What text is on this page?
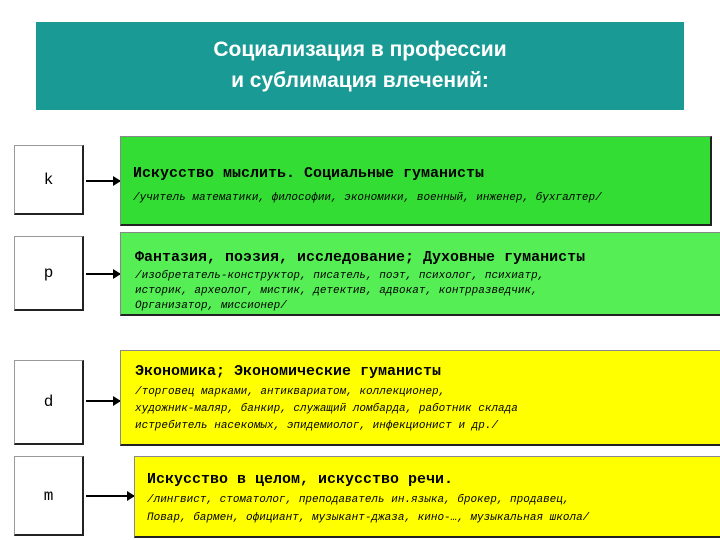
Социализация в профессии
и сублимация влечений:
k	Искусство мыслить. Социальные гуманисты
/учитель математики, философии, экономики, военный, инженер, бухгалтер/
p
Фантазия, поэзия, исследование; Духовные гуманисты
/изобретатель-конструктор, писатель, поэт, психолог, психиатр,
историк, археолог, мистик, детектив, адвокат, контрразведчик,
Организатор, миссионер/
d
Экономика; Экономические гуманисты
/торговец марками, антиквариатом, коллекционер,
художник-маляр, банкир, служащий ломбарда, работник склада
истребитель насекомых, эпидемиолог, инфекционист и др./
m
Искусство в целом, искусство речи.
/лингвист, стоматолог, преподаватель ин.языка, брокер, продавец,
Повар, бармен, официант, музыкант-джаза, кино-…, музыкальная школа/
